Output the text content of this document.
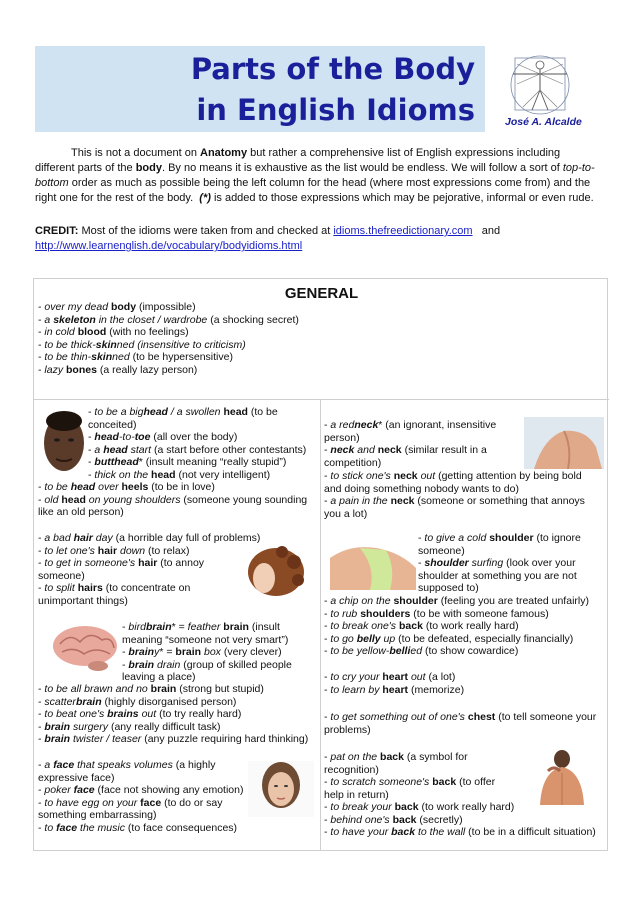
Parts of the Body
in English Idioms	José A. Alcalde

This is not a document on Anatomy but rather a comprehensive list of English expressions including different parts of the body. By no means it is exhaustive as the list would be endless. We will follow a sort of top-to-bottom order as much as possible being the left column for the head (where most expressions come from) and the right one for the rest of the body.  (*) is added to those expressions which may be pejorative, informal or even rude.

CREDIT: Most of the idioms were taken from and checked at idioms.thefreedictionary.com and
http://www.learnenglish.de/vocabulary/bodyidioms.html
GENERAL
- over my dead body (impossible)
- a skeleton in the closet / wardrobe (a shocking secret)
- in cold blood (with no feelings)
- to be thick-skinned (insensitive to criticism)
- to be thin-skinned (to be hypersensitive)
- lazy bones (a really lazy person)
- to be a bighead / a swollen head (to be
conceited)
- head-to-toe (all over the body)
- a head start (a start before other contestants)
- butthead* (insult meaning “really stupid”)
- thick on the head (not very intelligent)
- to be head over heels (to be in love)
- old head on young shoulders (someone young sounding
like an old person)
- a bad hair day (a horrible day full of problems)
- to let one's hair down (to relax)
- to get in someone's hair (to annoy
someone)
- to split hairs (to concentrate on
unimportant things)
- birdbrain* = feather brain (insult
meaning “someone not very smart”)
- brainy* = brain box (very clever)
- brain drain (group of skilled people
leaving a place)
- to be all brawn and no brain (strong but stupid)
- scatterbrain (highly disorganised person)
- to beat one's brains out (to try really hard)
- brain surgery (any really difficult task)
- brain twister / teaser (any puzzle requiring hard thinking)
- a face that speaks volumes (a highly
expressive face)
- poker face (face not showing any emotion)
- to have egg on your face (to do or say
something embarrassing)
- to face the music (to face consequences)
- a redneck* (an ignorant, insensitive
person)
- neck and neck (similar result in a
competition)
- to stick one's neck out (getting attention by being bold
and doing something nobody wants to do)
- a pain in the neck (someone or something that annoys
you a lot)
- to give a cold shoulder (to ignore
someone)
- shoulder surfing (look over your
shoulder at something you are not
supposed to)
- a chip on the shoulder (feeling you are treated unfairly)
- to rub shoulders (to be with someone famous)
- to break one's back (to work really hard)
- to go belly up (to be defeated, especially financially)
- to be yellow-bellied (to show cowardice)
- to cry your heart out (a lot)
- to learn by heart (memorize)
- to get something out of one's chest (to tell someone your
problems)
- pat on the back (a symbol for
recognition)
- to scratch someone's back (to offer
help in return)
- to break your back (to work really hard)
- behind one's back (secretly)
- to have your back to the wall (to be in a difficult situation)
